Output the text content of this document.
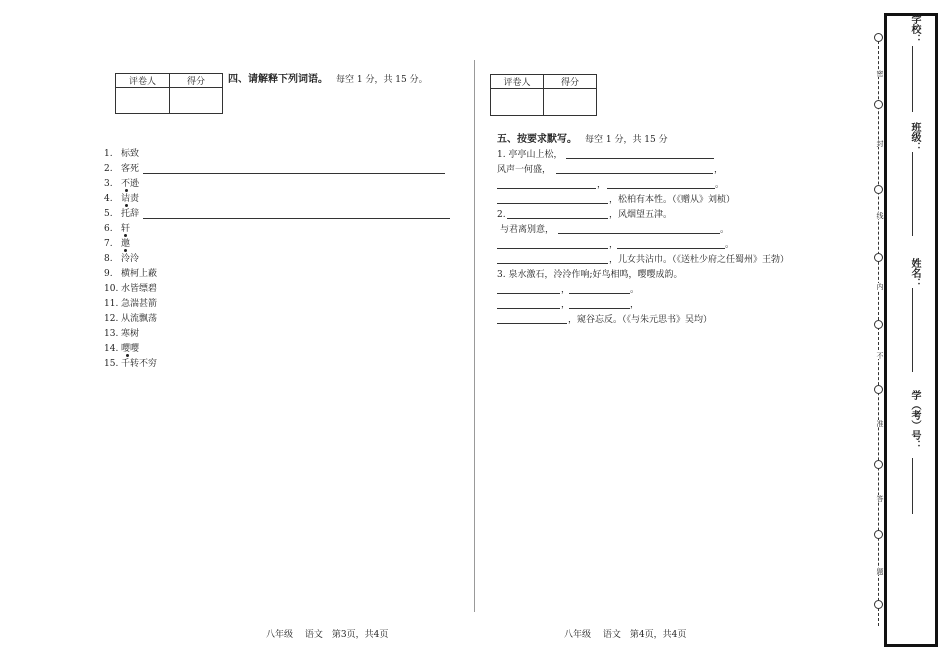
评卷人	得分
	四、请解释下列词语。 每空 1 分，共 15 分。
1. 标致
2. 客死
3. 不逊
4. 诘责
5. 托辞
6. 轩
7. 邀
8. 泠泠
9. 横柯上蔽
10. 水皆缥碧
11. 急湍甚箭
12. 从流飘荡
13. 寒树
14. 嘤嘤
15. 千转不穷
评卷人	得分

五、按要求默写。 每空 1 分，共 15 分
1. 亭亭山上松，
风声一何盛，	，
，	。
，松柏有本性。（《赠从》刘桢）
2.	，风烟望五津。
与君离别意，	。
，	。
，儿女共沾巾。（《送杜少府之任蜀州》王勃）
3. 泉水激石，泠泠作响;好鸟相鸣，嘤嘤成韵。
，	。
，	，
，窥谷忘反。（《与朱元思书》吴均）
八年级　 语文　第3页，共4页	八年级　 语文　第4页，共4页
密
封
线
内
不
准
答
题
学校：
班级：
姓名：
学（考）号：
